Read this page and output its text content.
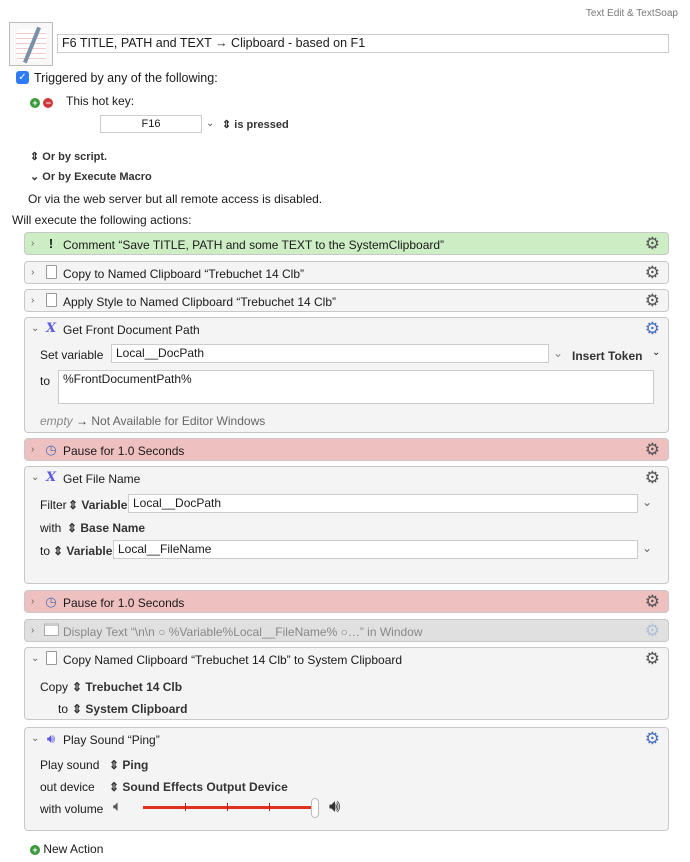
Text Edit & TextSoap
F6 TITLE, PATH and TEXT → Clipboard - based on F1
✓ Triggered by any of the following:
+ − This hot key:
F16	⌄ ⇕ is pressed
⇕ Or by script.
⌄ Or by Execute Macro
Or via the web server but all remote access is disabled.
Will execute the following actions:
›	! Comment “Save TITLE, PATH and some TEXT to the SystemClipboard”	⚙
› Copy to Named Clipboard “Trebuchet 14 Clb”	⚙
› Apply Style to Named Clipboard “Trebuchet 14 Clb”	⚙
⌄ X Get Front Document Path	⚙
Set variable	Local__DocPath	⌄ Insert Token ⌄
to	%FrontDocumentPath%
empty → Not Available for Editor Windows
› ◷ Pause for 1.0 Seconds	⚙
⌄ X Get File Name	⚙
Filter ⇕ Variable Local__DocPath	⌄
with ⇕ Base Name
to ⇕ Variable Local__FileName	⌄
› ◷ Pause for 1.0 Seconds	⚙
› Display Text “\n\n ○ %Variable%Local__FileName% ○…” in Window	⚙
⌄ Copy Named Clipboard “Trebuchet 14 Clb” to System Clipboard	⚙
Copy ⇕ Trebuchet 14 Clb
to ⇕ System Clipboard
⌄ 🔊︎ Play Sound “Ping”	⚙
Play sound ⇕ Ping
out device ⇕ Sound Effects Output Device
with volume 🔈︎	🔊︎
+ New Action
